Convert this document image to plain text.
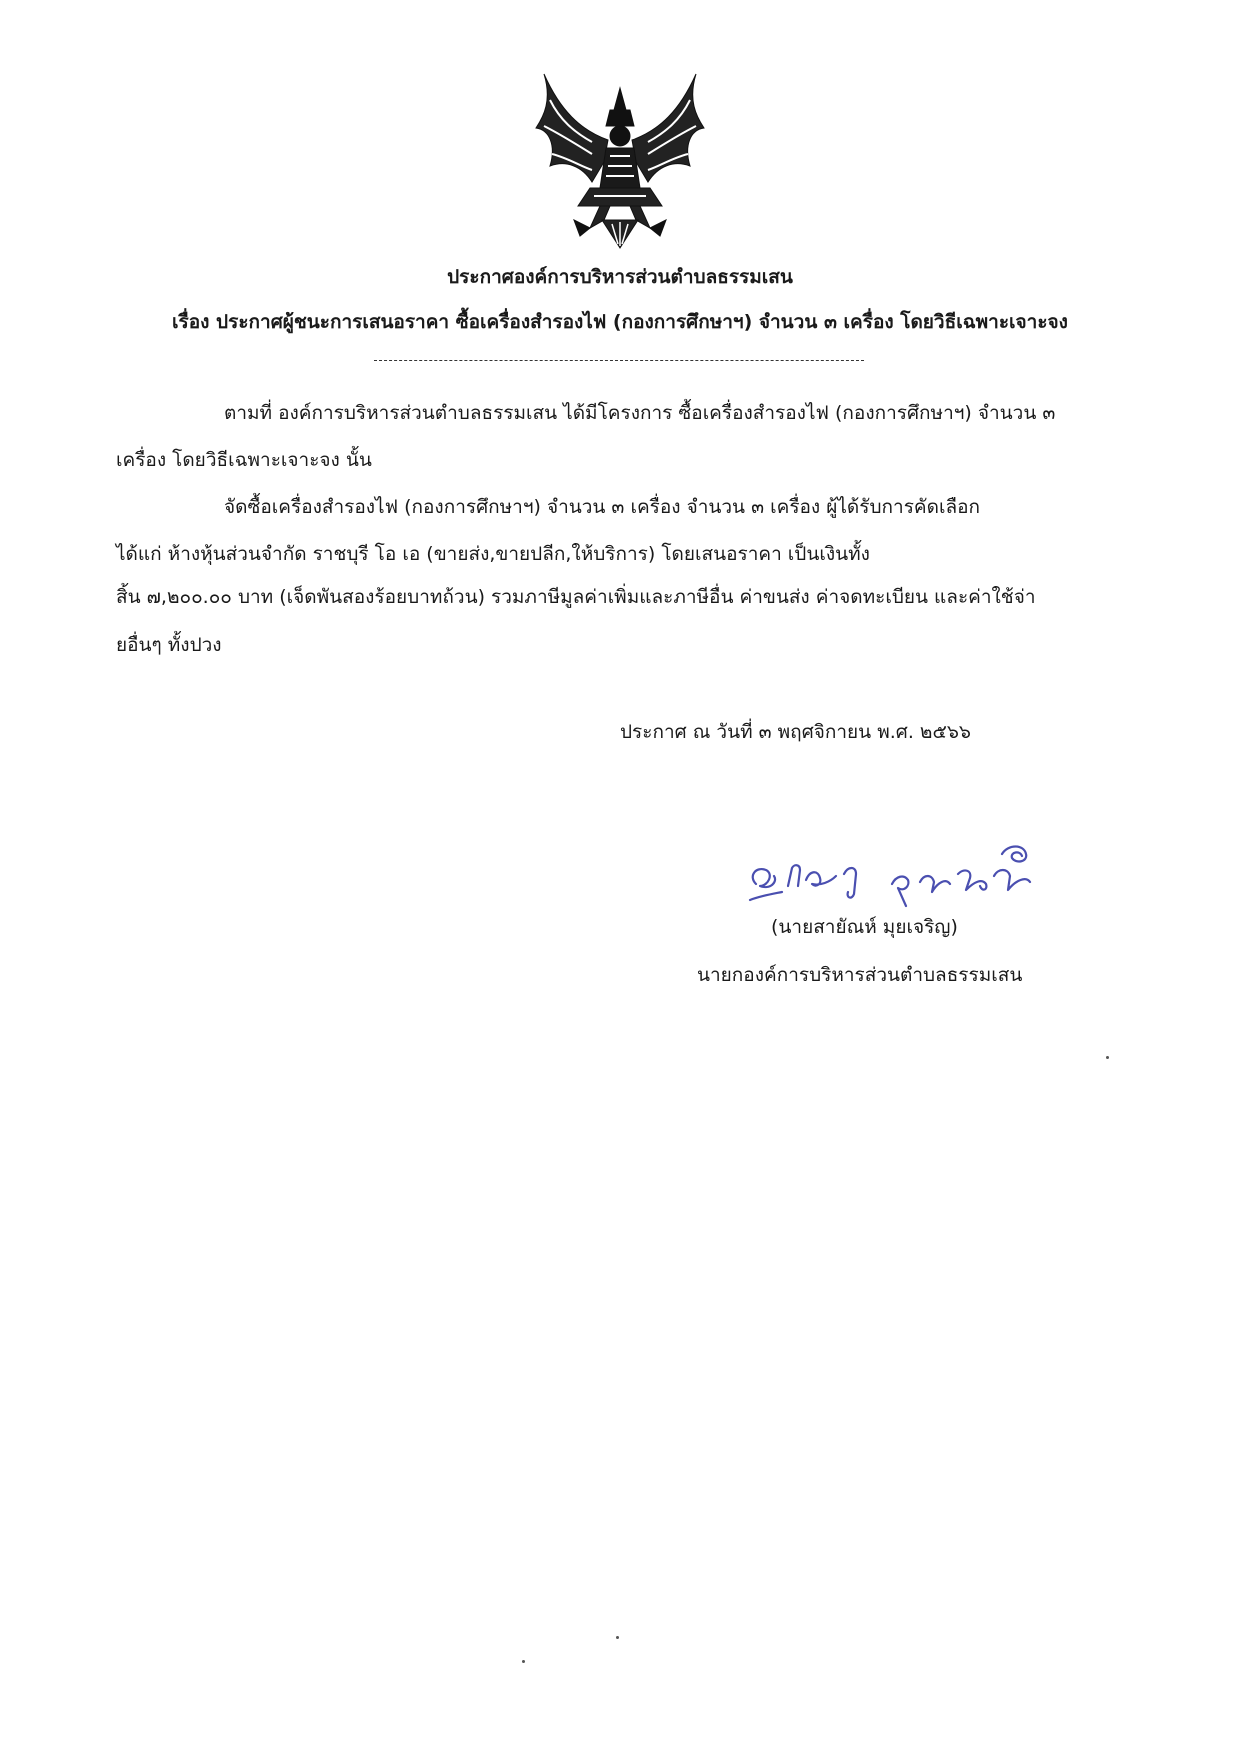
ประกาศองค์การบริหารส่วนตำบลธรรมเสน
เรื่อง ประกาศผู้ชนะการเสนอราคา ซื้อเครื่องสำรองไฟ (กองการศึกษาฯ) จำนวน ๓ เครื่อง โดยวิธีเฉพาะเจาะจง
ตามที่ องค์การบริหารส่วนตำบลธรรมเสน ได้มีโครงการ ซื้อเครื่องสำรองไฟ (กองการศึกษาฯ) จำนวน ๓
เครื่อง โดยวิธีเฉพาะเจาะจง นั้น
จัดซื้อเครื่องสำรองไฟ (กองการศึกษาฯ) จำนวน ๓ เครื่อง จำนวน ๓ เครื่อง ผู้ได้รับการคัดเลือก
ได้แก่ ห้างหุ้นส่วนจำกัด ราชบุรี โอ เอ (ขายส่ง,ขายปลีก,ให้บริการ) โดยเสนอราคา เป็นเงินทั้ง
สิ้น ๗,๒๐๐.๐๐ บาท (เจ็ดพันสองร้อยบาทถ้วน) รวมภาษีมูลค่าเพิ่มและภาษีอื่น ค่าขนส่ง ค่าจดทะเบียน และค่าใช้จ่า
ยอื่นๆ ทั้งปวง
ประกาศ ณ วันที่ ๓ พฤศจิกายน พ.ศ. ๒๕๖๖
(นายสายัณห์ มุยเจริญ)
นายกองค์การบริหารส่วนตำบลธรรมเสน
